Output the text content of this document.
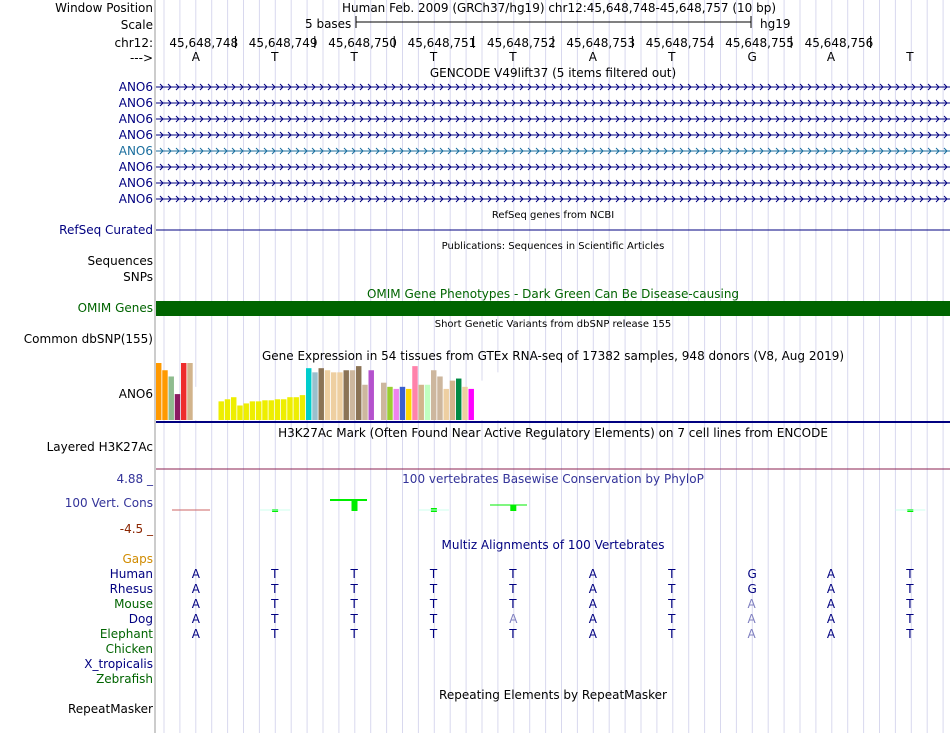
Window Position	Human Feb. 2009 (GRCh37/hg19) chr12:45,648,748-45,648,757 (10 bp)
Scale	5 bases	hg19
chr12:
--->
45,648,748 45,648,749 45,648,750 45,648,751 45,648,752 45,648,753 45,648,754 45,648,755 45,648,756
A	T	T	T	T	A	T	G	A	T
GENCODE V49lift37 (5 items filtered out)
ANO6
ANO6
ANO6
ANO6
ANO6
ANO6
ANO6
ANO6
RefSeq genes from NCBI
RefSeq Curated
Publications: Sequences in Scientific Articles
Sequences
SNPs
OMIM Gene Phenotypes - Dark Green Can Be Disease-causing
OMIM Genes
Short Genetic Variants from dbSNP release 155
Common dbSNP(155)
Gene Expression in 54 tissues from GTEx RNA-seq of 17382 samples, 948 donors (V8, Aug 2019)
ANO6
H3K27Ac Mark (Often Found Near Active Regulatory Elements) on 7 cell lines from ENCODE
Layered H3K27Ac
100 vertebrates Basewise Conservation by PhyloP
4.88 _
100 Vert. Cons
-4.5 _
Multiz Alignments of 100 Vertebrates
Gaps
Human	A	T	T	T	T	A	T	G	A	T
Rhesus	A	T	T	T	T	A	T	G	A	T
Mouse	A	T	T	T	T	A	T	A	A	T
Dog	A	T	T	T	A	A	T	A	A	T
Elephant	A	T	T	T	T	A	T	A	A	T
Chicken
X_tropicalis
Zebrafish
Repeating Elements by RepeatMasker
RepeatMasker
